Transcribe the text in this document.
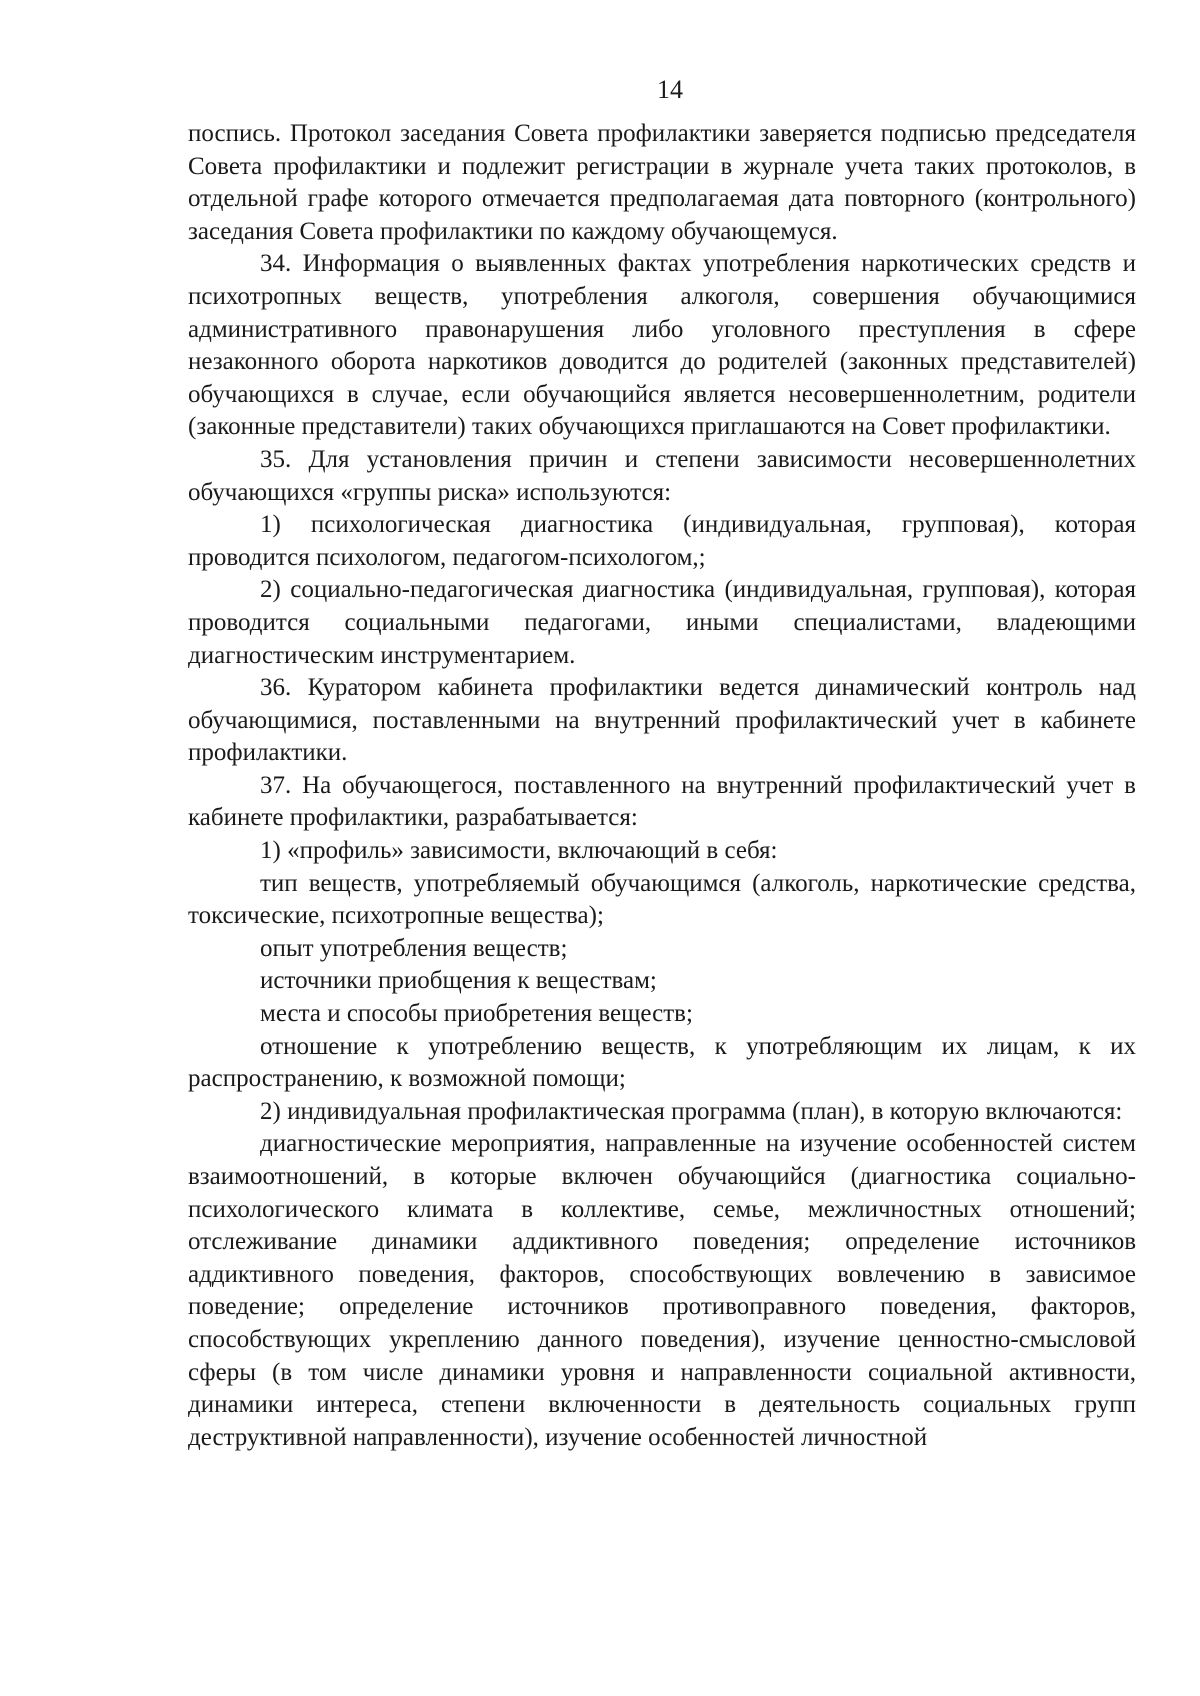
14

поспись. Протокол заседания Совета профилактики заверяется подписью председателя Совета профилактики и подлежит регистрации в журнале учета таких протоколов, в отдельной графе которого отмечается предполагаемая дата повторного (контрольного) заседания Совета профилактики по каждому обучающемуся.

34. Информация о выявленных фактах употребления наркотических средств и психотропных веществ, употребления алкоголя, совершения обучающимися административного правонарушения либо уголовного преступления в сфере незаконного оборота наркотиков доводится до родителей (законных представителей) обучающихся в случае, если обучающийся является несовершеннолетним, родители (законные представители) таких обучающихся приглашаются на Совет профилактики.

35. Для установления причин и степени зависимости несовершеннолетних обучающихся «группы риска» используются:

1) психологическая диагностика (индивидуальная, групповая), которая проводится психологом, педагогом-психологом,;

2) социально-педагогическая диагностика (индивидуальная, групповая), которая проводится социальными педагогами, иными специалистами, владеющими диагностическим инструментарием.

36. Куратором кабинета профилактики ведется динамический контроль над обучающимися, поставленными на внутренний профилактический учет в кабинете профилактики.

37. На обучающегося, поставленного на внутренний профилактический учет в кабинете профилактики, разрабатывается:

1) «профиль» зависимости, включающий в себя:

тип веществ, употребляемый обучающимся (алкоголь, наркотические средства, токсические, психотропные вещества);

опыт употребления веществ;

источники приобщения к веществам;

места и способы приобретения веществ;

отношение к употреблению веществ, к употребляющим их лицам, к их распространению, к возможной помощи;

2) индивидуальная профилактическая программа (план), в которую включаются:

диагностические мероприятия, направленные на изучение особенностей систем взаимоотношений, в которые включен обучающийся (диагностика социально-психологического климата в коллективе, семье, межличностных отношений; отслеживание динамики аддиктивного поведения; определение источников аддиктивного поведения, факторов, способствующих вовлечению в зависимое поведение; определение источников противоправного поведения, факторов, способствующих укреплению данного поведения), изучение ценностно-смысловой сферы (в том числе динамики уровня и направленности социальной активности, динамики интереса, степени включенности в деятельность социальных групп деструктивной направленности), изучение особенностей личностной
